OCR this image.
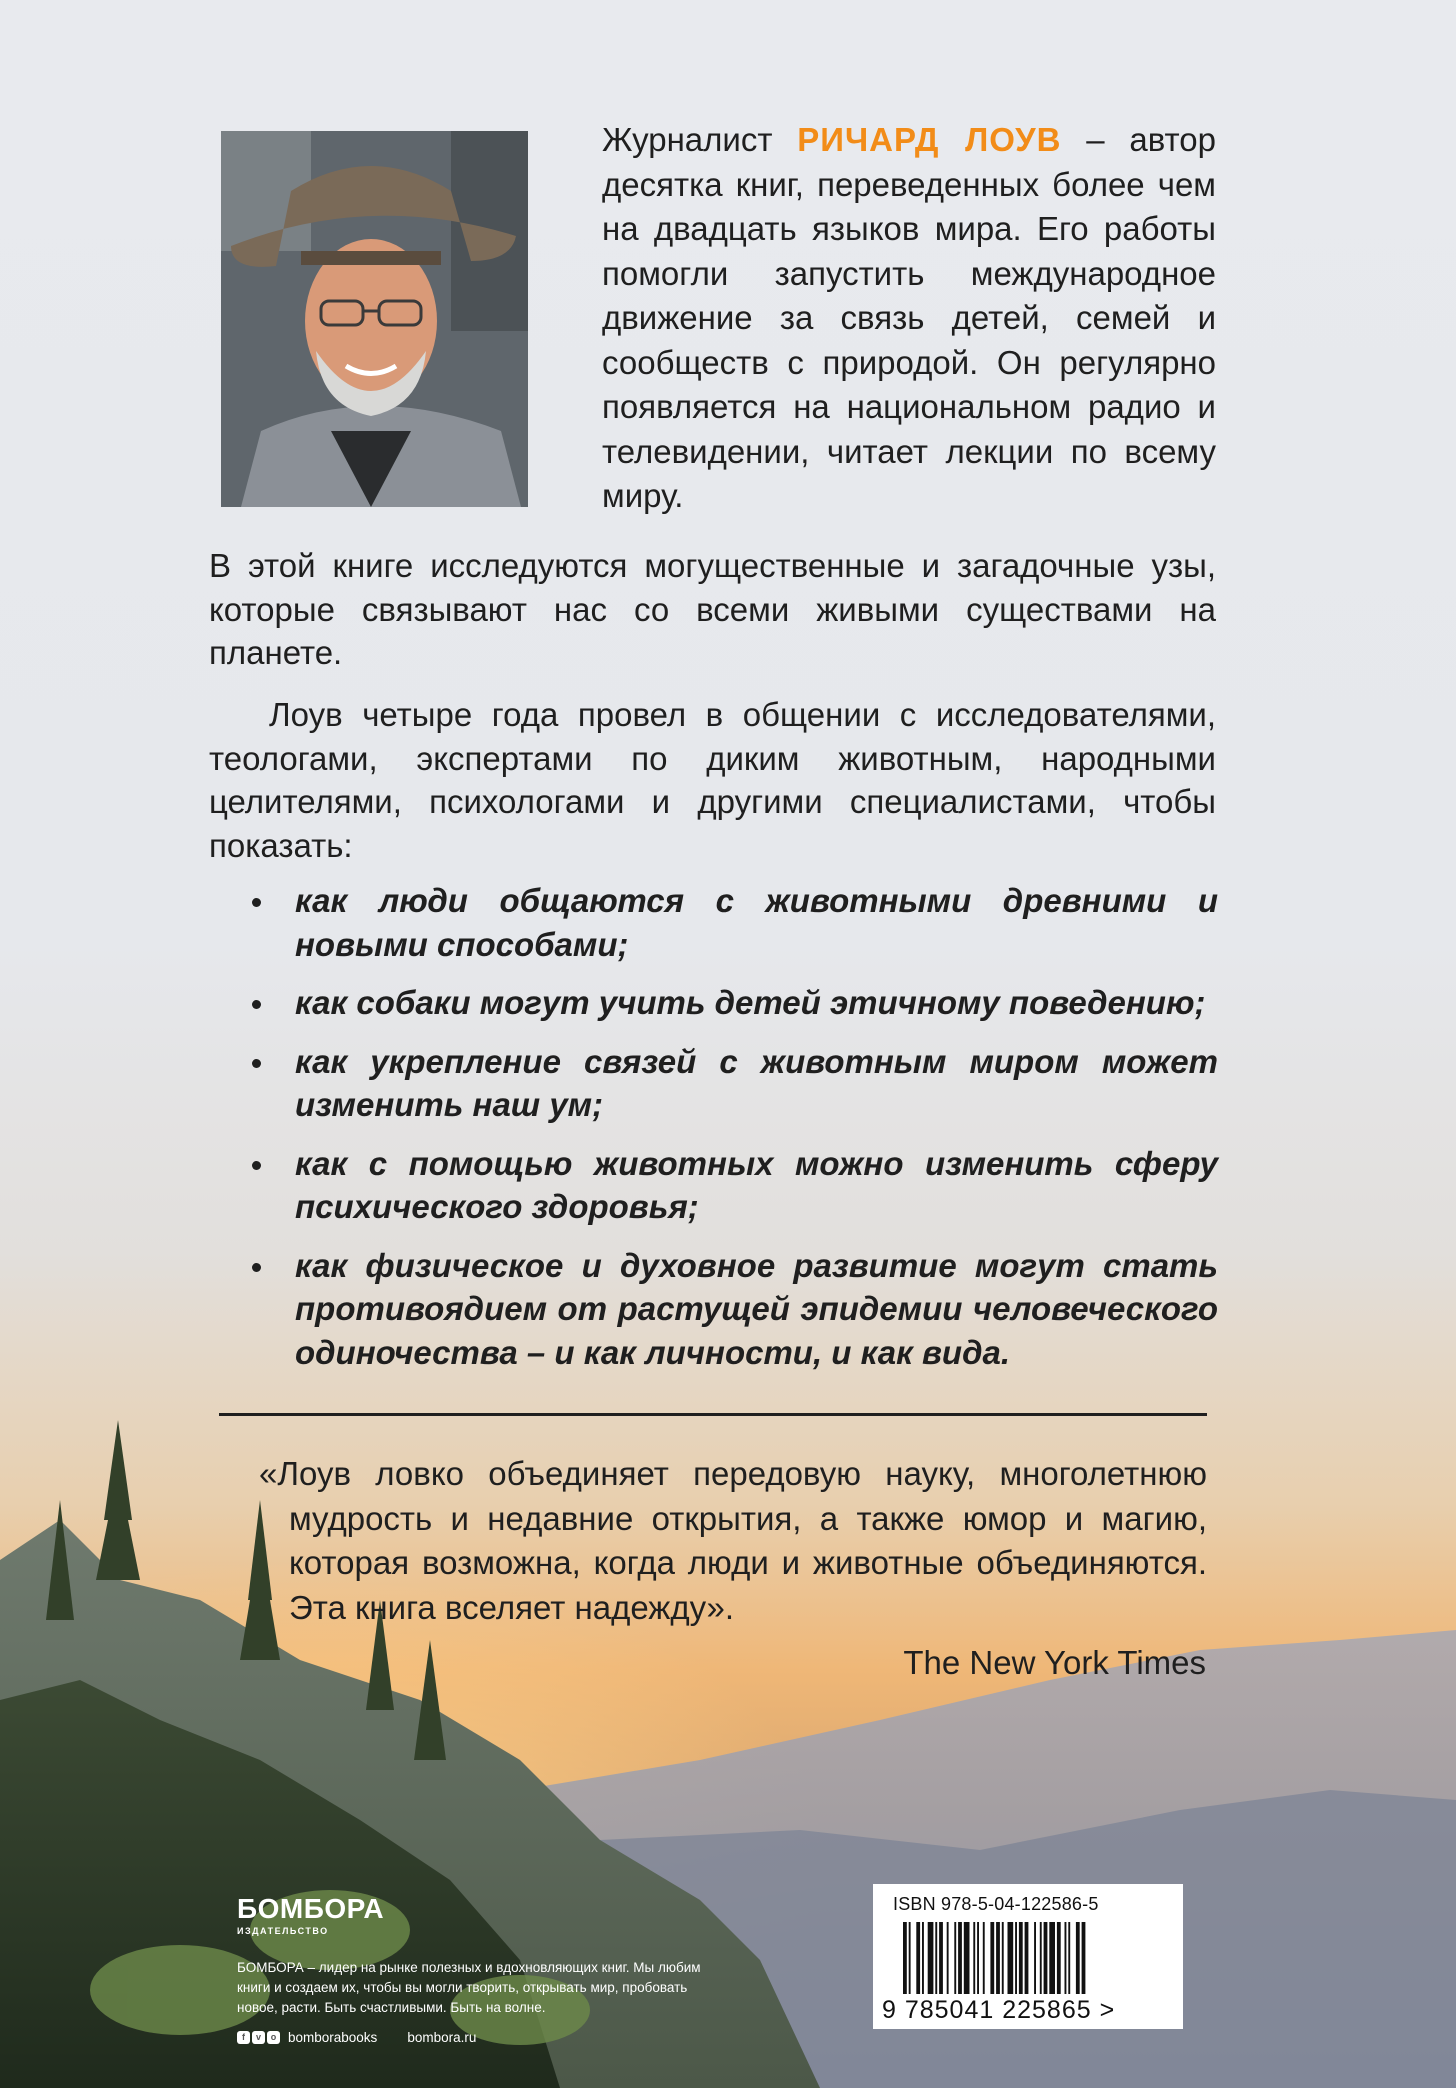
Журналист РИЧАРД ЛОУВ – автор десятка книг, переведенных более чем на двадцать языков мира. Его работы помогли запустить международное движение за связь детей, семей и сообществ с природой. Он регулярно появляется на национальном радио и телевидении, читает лекции по всему миру.
В этой книге исследуются могущественные и загадочные узы, которые связывают нас со всеми живыми существами на планете.
Лоув четыре года провел в общении с исследователями, теологами, экспертами по диким животным, народными целителями, психологами и другими специалистами, чтобы показать:
как люди общаются с животными древними и новыми способами;
как собаки могут учить детей этичному поведению;
как укрепление связей с животным миром может изменить наш ум;
как с помощью животных можно изменить сферу психического здоровья;
как физическое и духовное развитие могут стать противоядием от растущей эпидемии человеческого одиночества – и как личности, и как вида.
«Лоув ловко объединяет передовую науку, многолетнюю мудрость и недавние открытия, а также юмор и магию, которая возможна, когда люди и животные объединяются. Эта книга вселяет надежду».
The New York Times
БОМБОРА
ИЗДАТЕЛЬСТВО
БОМБОРА – лидер на рынке полезных и вдохновляющих книг. Мы любим книги и создаем их, чтобы вы могли творить, открывать мир, пробовать новое, расти. Быть счастливыми. Быть на волне.
f	v	o bomborabooks bombora.ru
ISBN 978-5-04-122586-5
9 785041 225865 >
